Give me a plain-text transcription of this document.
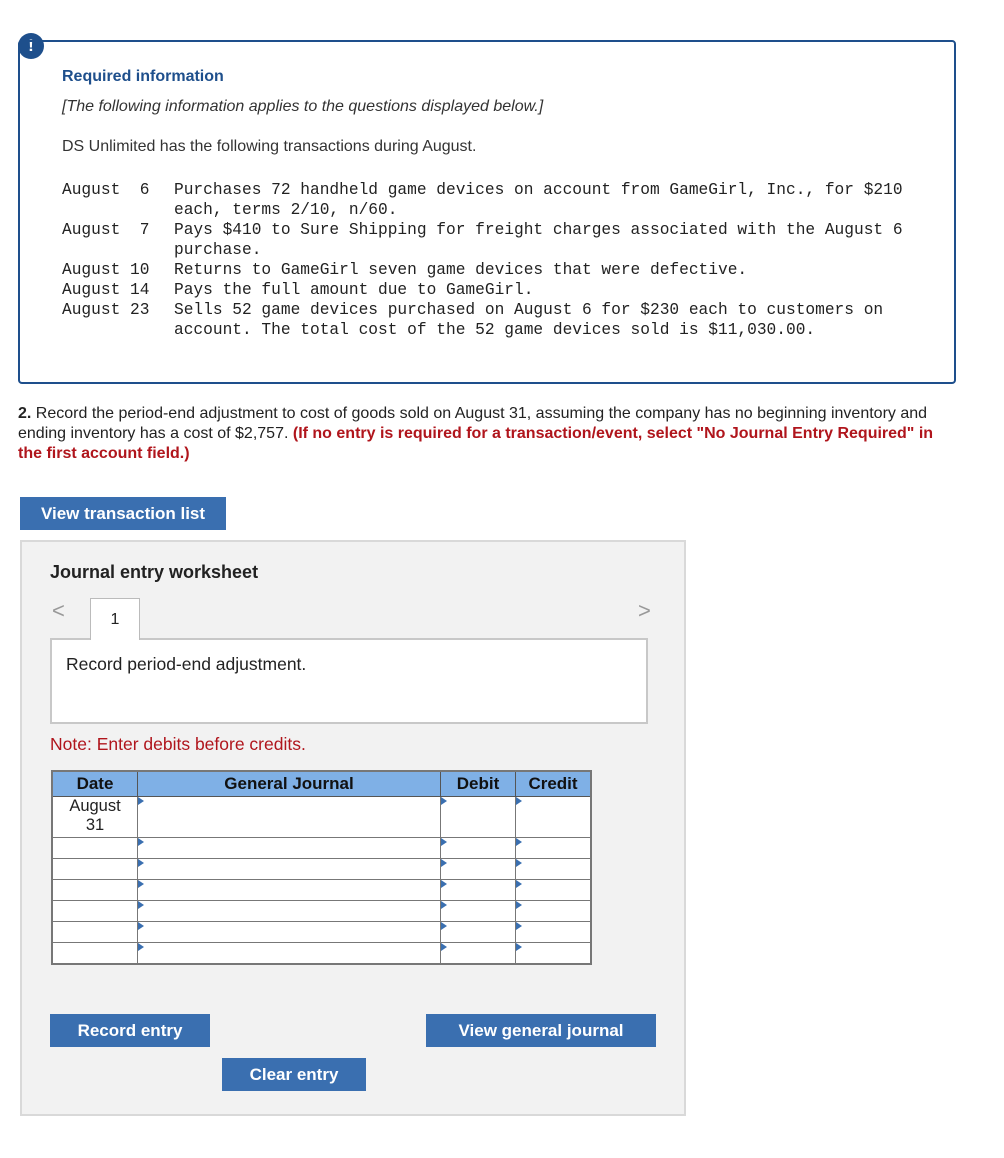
!
Required information
[The following information applies to the questions displayed below.]
DS Unlimited has the following transactions during August.
August  6	Purchases 72 handheld game devices on account from GameGirl, Inc., for $210 each, terms 2/10, n/60.
August  7	Pays $410 to Sure Shipping for freight charges associated with the August 6 purchase.
August 10	Returns to GameGirl seven game devices that were defective.
August 14	Pays the full amount due to GameGirl.
August 23	Sells 52 game devices purchased on August 6 for $230 each to customers on account. The total cost of the 52 game devices sold is $11,030.00.
2. Record the period-end adjustment to cost of goods sold on August 31, assuming the company has no beginning inventory and ending inventory has a cost of $2,757. (If no entry is required for a transaction/event, select "No Journal Entry Required" in the first account field.)
View transaction list
Journal entry worksheet
<	1	>
Record period-end adjustment.
Note: Enter debits before credits.
Date	General Journal	Debit	Credit

August
31			

Record entry	View general journal
Clear entry
